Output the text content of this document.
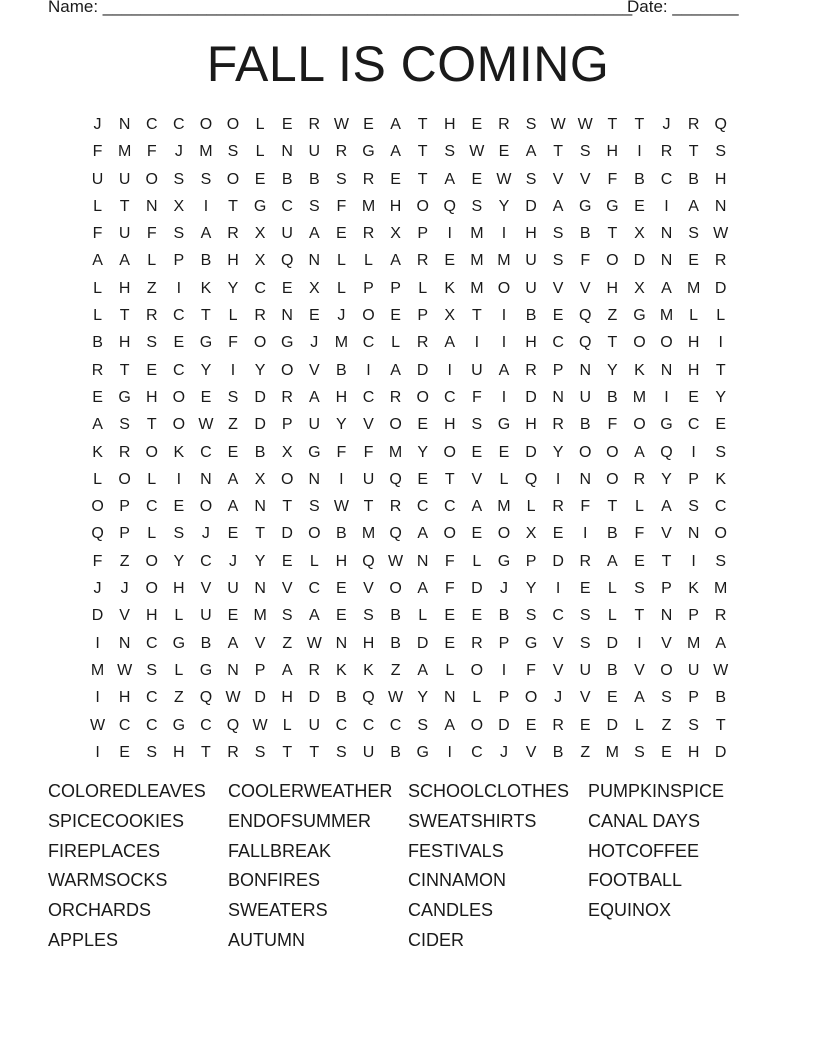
Name: ________________________________________________________
Date: _______
FALL IS COMING
J	N C C O O	L	E R W E	A	T	H E R S W W T	T	J	R Q
F M F	J	M S	L	N U R G A	T	S W E	A	T	S H	I	R	T	S
U U O S	S O E	B	B	S R E	T	A	E W S	V	V	F	B C B H
L	T	N X	I	T G C S	F M H O Q S	Y D A G G E	I	A N
F	U	F	S	A R X U A	E R X	P	I	M	I	H S	B	T	X N S W
A	A	L	P	B H X Q N	L	L	A R E M M U S	F O D N E R
L	H	Z	I	K	Y C E	X	L	P	P	L	K M O U V	V H X	A M D
L	T	R C	T	L	R N E	J	O E	P	X	T	I	B	E Q Z G M L	L
B H S	E G F O G	J	M C	L	R A	I	I	H C Q T O O H	I
R	T	E C Y	I	Y O V	B	I	A D	I	U A R P N Y	K N H	T
E G H O E	S D R A H C R O C	F	I	D N U B M	I	E	Y
A	S	T O W Z	D P U Y	V O E H S G H R B	F O G C E
K R O K C E	B	X G F	F M Y O E	E D Y O O A Q	I	S
L	O	L	I	N A	X O N	I	U Q E	T	V	L	Q	I	N O R Y	P	K
O P C E O A N	T	S W T	R C C A M L	R	F	T	L	A	S C
Q P	L	S	J	E	T	D O B M Q A O E O X	E	I	B	F	V N O
F	Z O Y C	J	Y	E	L	H Q W N	F	L	G P D R A	E	T	I	S
J	J	O H V U N V C E	V O A	F	D	J	Y	I	E	L	S	P	K M
D V H	L	U E M S	A	E	S	B	L	E	E	B	S C S	L	T	N P R
I	N C G B	A	V	Z W N H B D E R P G V	S D	I	V M A
M W S	L	G N P	A R K	K	Z	A	L	O	I	F	V U B	V O U W
I	H C	Z Q W D H D B Q W Y N	L	P O	J	V	E	A	S	P	B
W C C G C Q W L	U C C C S	A O D E R E D	L	Z	S	T
I	E	S H	T	R S	T	T	S U B G	I	C	J	V	B	Z M S	E H D
COLOREDLEAVES	COOLERWEATHER SCHOOLCLOTHES	PUMPKINSPICE
SPICECOOKIES	ENDOFSUMMER	SWEATSHIRTS	CANAL DAYS
FIREPLACES	FALLBREAK	FESTIVALS	HOTCOFFEE
WARMSOCKS	BONFIRES	CINNAMON	FOOTBALL
ORCHARDS	SWEATERS	CANDLES	EQUINOX
APPLES	AUTUMN	CIDER
